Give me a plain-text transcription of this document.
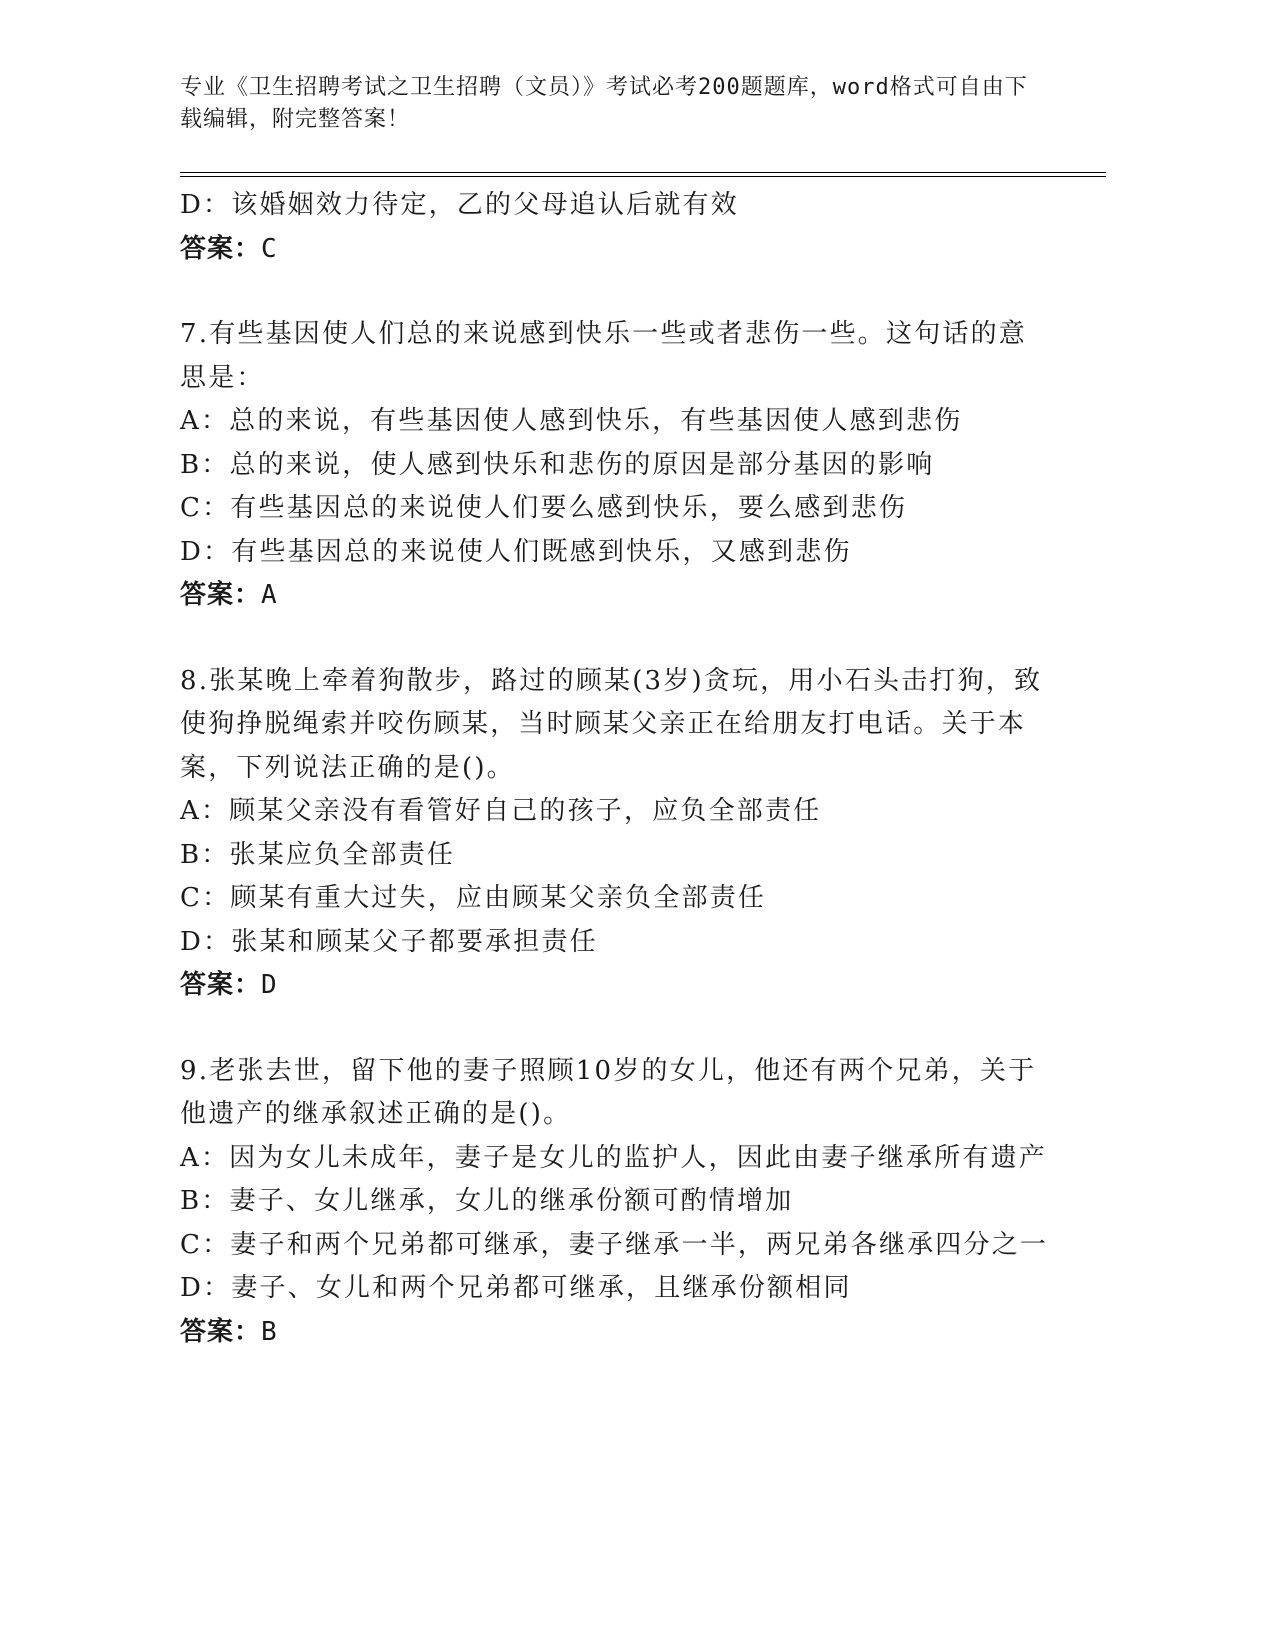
专业《卫生招聘考试之卫生招聘（文员）》考试必考200题题库，word格式可自由下载编辑，附完整答案！
D：该婚姻效力待定，乙的父母追认后就有效
答案：C
7.有些基因使人们总的来说感到快乐一些或者悲伤一些。这句话的意
思是：
A：总的来说，有些基因使人感到快乐，有些基因使人感到悲伤
B：总的来说，使人感到快乐和悲伤的原因是部分基因的影响
C：有些基因总的来说使人们要么感到快乐，要么感到悲伤
D：有些基因总的来说使人们既感到快乐，又感到悲伤
答案：A
8.张某晚上牵着狗散步，路过的顾某(3岁)贪玩，用小石头击打狗，致
使狗挣脱绳索并咬伤顾某，当时顾某父亲正在给朋友打电话。关于本
案，下列说法正确的是()。
A：顾某父亲没有看管好自己的孩子，应负全部责任
B：张某应负全部责任
C：顾某有重大过失，应由顾某父亲负全部责任
D：张某和顾某父子都要承担责任
答案：D
9.老张去世，留下他的妻子照顾10岁的女儿，他还有两个兄弟，关于
他遗产的继承叙述正确的是()。
A：因为女儿未成年，妻子是女儿的监护人，因此由妻子继承所有遗产
B：妻子、女儿继承，女儿的继承份额可酌情增加
C：妻子和两个兄弟都可继承，妻子继承一半，两兄弟各继承四分之一
D：妻子、女儿和两个兄弟都可继承，且继承份额相同
答案：B
